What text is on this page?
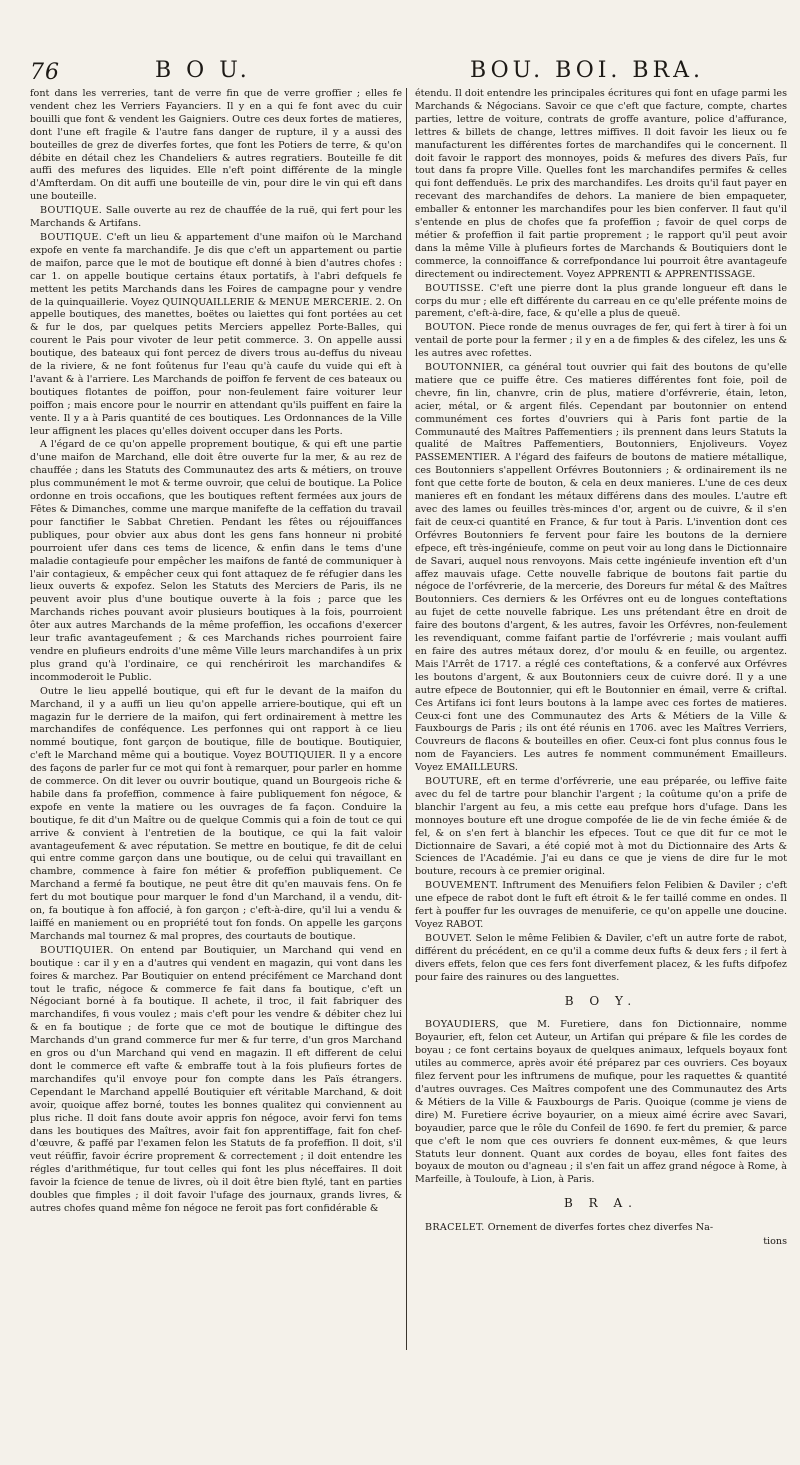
76	B O U.	BOU. BOI. BRA.

font dans les verreries, tant de verre fin que de verre groffier ; elles fe vendent chez les Verriers Fayanciers. Il y en a qui fe font avec du cuir bouilli que font & vendent les Gaigniers. Outre ces deux fortes de matieres, dont l'une eft fragile & l'autre fans danger de rupture, il y a aussi des bouteilles de grez de diverfes fortes, que font les Potiers de terre, & qu'on débite en détail chez les Chandeliers & autres regratiers. Bouteille fe dit auffi des mefures des liquides. Elle n'eft point différente de la mingle d'Amfterdam. On dit auffi une bouteille de vin, pour dire le vin qui eft dans une bouteille.

BOUTIQUE. Salle ouverte au rez de chauffée de la ruë, qui fert pour les Marchands & Artifans.

BOUTIQUE. C'eft un lieu & appartement d'une maifon où le Marchand expofe en vente fa marchandife. Je dis que c'eft un appartement ou partie de maifon, parce que le mot de boutique eft donné à bien d'autres chofes : car 1. on appelle boutique certains étaux portatifs, à l'abri defquels fe mettent les petits Marchands dans les Foires de campagne pour y vendre de la quinquaillerie. Voyez QUINQUAILLERIE & MENUE MERCERIE. 2. On appelle boutiques, des manettes, boëtes ou laiettes qui font portées au cet & fur le dos, par quelques petits Merciers appellez Porte-Balles, qui courent le Pais pour vivoter de leur petit commerce. 3. On appelle aussi boutique, des bateaux qui font percez de divers trous au-deffus du niveau de la riviere, & ne font foûtenus fur l'eau qu'à caufe du vuide qui eft à l'avant & à l'arriere. Les Marchands de poiffon fe fervent de ces bateaux ou boutiques flotantes de poiffon, pour non-feulement faire voiturer leur poiffon ; mais encore pour le nourrir en attendant qu'ils puiffent en faire la vente. Il y a à Paris quantité de ces boutiques. Les Ordonnances de la Ville leur affignent les places qu'elles doivent occuper dans les Ports.

A l'égard de ce qu'on appelle proprement boutique, & qui eft une partie d'une maifon de Marchand, elle doit être ouverte fur la mer, & au rez de chauffée ; dans les Statuts des Communautez des arts & métiers, on trouve plus communément le mot & terme ouvroir, que celui de boutique. La Police ordonne en trois occafions, que les boutiques reftent fermées aux jours de Fêtes & Dimanches, comme une marque manifefte de la ceffation du travail pour fanctifier le Sabbat Chretien. Pendant les fêtes ou réjouiffances publiques, pour obvier aux abus dont les gens fans honneur ni probité pourroient ufer dans ces tems de licence, & enfin dans le tems d'une maladie contagieufe pour empêcher les maifons de fanté de communiquer à l'air contagieux, & empêcher ceux qui font attaquez de fe réfugier dans les lieux ouverts & expofez. Selon les Statuts des Merciers de Paris, ils ne peuvent avoir plus d'une boutique ouverte à la fois ; parce que les Marchands riches pouvant avoir plusieurs boutiques à la fois, pourroient ôter aux autres Marchands de la même profeffion, les occafions d'exercer leur trafic avantageufement ; & ces Marchands riches pourroient faire vendre en plufieurs endroits d'une même Ville leurs marchandifes à un prix plus grand qu'à l'ordinaire, ce qui renchériroit les marchandifes & incommoderoit le Public.

Outre le lieu appellé boutique, qui eft fur le devant de la maifon du Marchand, il y a auffi un lieu qu'on appelle arriere-boutique, qui eft un magazin fur le derriere de la maifon, qui fert ordinairement à mettre les marchandifes de conféquence. Les perfonnes qui ont rapport à ce lieu nommé boutique, font garçon de boutique, fille de boutique. Boutiquier, c'eft le Marchand même qui a boutique. Voyez BOUTIQUIER. Il y a encore des façons de parler fur ce mot qui font à remarquer, pour parler en homme de commerce. On dit lever ou ouvrir boutique, quand un Bourgeois riche & habile dans fa profeffion, commence à faire publiquement fon négoce, & expofe en vente la matiere ou les ouvrages de fa façon. Conduire la boutique, fe dit d'un Maître ou de quelque Commis qui a foin de tout ce qui arrive & convient à l'entretien de la boutique, ce qui la fait valoir avantageufement & avec réputation. Se mettre en boutique, fe dit de celui qui entre comme garçon dans une boutique, ou de celui qui travaillant en chambre, commence à faire fon métier & profeffion publiquement. Ce Marchand a fermé fa boutique, ne peut être dit qu'en mauvais fens. On fe fert du mot boutique pour marquer le fond d'un Marchand, il a vendu, dit-on, fa boutique à fon affocié, à fon garçon ; c'eft-à-dire, qu'il lui a vendu & laiffé en maniement ou en propriété tout fon fonds. On appelle les garçons Marchands mal tournez & mal propres, des courtauts de boutique.

BOUTIQUIER. On entend par Boutiquier, un Marchand qui vend en boutique : car il y en a d'autres qui vendent en magazin, qui vont dans les foires & marchez. Par Boutiquier on entend précifément ce Marchand dont tout le trafic, négoce & commerce fe fait dans fa boutique, c'eft un Négociant borné à fa boutique. Il achete, il troc, il fait fabriquer des marchandifes, fi vous voulez ; mais c'eft pour les vendre & débiter chez lui & en fa boutique ; de forte que ce mot de boutique le diftingue des Marchands d'un grand commerce fur mer & fur terre, d'un gros Marchand en gros ou d'un Marchand qui vend en magazin. Il eft different de celui dont le commerce eft vafte & embraffe tout à la fois plufieurs fortes de marchandifes qu'il envoye pour fon compte dans les Païs étrangers. Cependant le Marchand appellé Boutiquier eft véritable Marchand, & doit avoir, quoique affez borné, toutes les bonnes qualitez qui conviennent au plus riche. Il doit fans doute avoir appris fon négoce, avoir fervi fon tems dans les boutiques des Maîtres, avoir fait fon apprentiffage, fait fon chef-d'œuvre, & paffé par l'examen felon les Statuts de fa profeffion. Il doit, s'il veut réüffir, favoir écrire proprement & correctement ; il doit entendre les régles d'arithmétique, fur tout celles qui font les plus néceffaires. Il doit favoir la fcience de tenue de livres, où il doit être bien ftylé, tant en parties doubles que fimples ; il doit favoir l'ufage des journaux, grands livres, & autres chofes quand même fon négoce ne feroit pas fort confidérable &

étendu. Il doit entendre les principales écritures qui font en ufage parmi les Marchands & Négocians. Savoir ce que c'eft que facture, compte, chartes parties, lettre de voiture, contrats de groffe avanture, police d'affurance, lettres & billets de change, lettres miffives. Il doit favoir les lieux ou fe manufacturent les différentes fortes de marchandifes qui le concernent. Il doit favoir le rapport des monnoyes, poids & mefures des divers Païs, fur tout dans fa propre Ville. Quelles font les marchandifes permifes & celles qui font deffenduës. Le prix des marchandifes. Les droits qu'il faut payer en recevant des marchandifes de dehors. La maniere de bien empaqueter, emballer & entonner les marchandifes pour les bien conferver. Il faut qu'il s'entende en plus de chofes que fa profeffion ; favoir de quel corps de métier & profeffion il fait partie proprement ; le rapport qu'il peut avoir dans la même Ville à plufieurs fortes de Marchands & Boutiquiers dont le commerce, la connoiffance & correfpondance lui pourroit être avantageufe directement ou indirectement. Voyez APPRENTI & APPRENTISSAGE.

BOUTISSE. C'eft une pierre dont la plus grande longueur eft dans le corps du mur ; elle eft différente du carreau en ce qu'elle préfente moins de parement, c'eft-à-dire, face, & qu'elle a plus de queuë.

BOUTON. Piece ronde de menus ouvrages de fer, qui fert à tirer à foi un ventail de porte pour la fermer ; il y en a de fimples & des cifelez, les uns & les autres avec rofettes.

BOUTONNIER, ca général tout ouvrier qui fait des boutons de qu'elle matiere que ce puiffe être. Ces matieres différentes font foie, poil de chevre, fin lin, chanvre, crin de plus, matiere d'orfévrerie, étain, leton, acier, métal, or & argent filés. Cependant par boutonnier on entend communément ces fortes d'ouvriers qui à Paris font partie de la Communauté des Maîtres Paffementiers ; ils prennent dans leurs Statuts la qualité de Maîtres Paffementiers, Boutonniers, Enjoliveurs. Voyez PASSEMENTIER. A l'égard des faifeurs de boutons de matiere métallique, ces Boutonniers s'appellent Orfévres Boutonniers ; & ordinairement ils ne font que cette forte de bouton, & cela en deux manieres. L'une de ces deux manieres eft en fondant les métaux différens dans des moules. L'autre eft avec des lames ou feuilles très-minces d'or, argent ou de cuivre, & il s'en fait de ceux-ci quantité en France, & fur tout à Paris. L'invention dont ces Orfévres Boutonniers fe fervent pour faire les boutons de la derniere efpece, eft très-ingénieufe, comme on peut voir au long dans le Dictionnaire de Savari, auquel nous renvoyons. Mais cette ingénieufe invention eft d'un affez mauvais ufage. Cette nouvelle fabrique de boutons fait partie du négoce de l'orfévrerie, de la mercerie, des Doreurs fur métal & des Maîtres Boutonniers. Ces derniers & les Orfévres ont eu de longues conteftations au fujet de cette nouvelle fabrique. Les uns prétendant être en droit de faire des boutons d'argent, & les autres, favoir les Orfévres, non-feulement les revendiquant, comme faifant partie de l'orfévrerie ; mais voulant auffi en faire des autres métaux dorez, d'or moulu & en feuille, ou argentez. Mais l'Arrêt de 1717. a réglé ces conteftations, & a confervé aux Orfévres les boutons d'argent, & aux Boutonniers ceux de cuivre doré. Il y a une autre efpece de Boutonnier, qui eft le Boutonnier en émail, verre & criftal. Ces Artifans ici font leurs boutons à la lampe avec ces fortes de matieres. Ceux-ci font une des Communautez des Arts & Métiers de la Ville & Fauxbourgs de Paris ; ils ont été réunis en 1706. avec les Maîtres Verriers, Couvreurs de flacons & bouteilles en ofier. Ceux-ci font plus connus fous le nom de Fayanciers. Les autres fe nomment communément Emailleurs. Voyez EMAILLEURS.

BOUTURE, eft en terme d'orfévrerie, une eau préparée, ou leffive faite avec du fel de tartre pour blanchir l'argent ; la coûtume qu'on a prife de blanchir l'argent au feu, a mis cette eau prefque hors d'ufage. Dans les monnoyes bouture eft une drogue compofée de lie de vin feche émiée & de fel, & on s'en fert à blanchir les efpeces. Tout ce que dit fur ce mot le Dictionnaire de Savari, a été copié mot à mot du Dictionnaire des Arts & Sciences de l'Académie. J'ai eu dans ce que je viens de dire fur le mot bouture, recours à ce premier original.

BOUVEMENT. Inftrument des Menuifiers felon Felibien & Daviler ; c'eft une efpece de rabot dont le fuft eft étroit & le fer taillé comme en ondes. Il fert à pouffer fur les ouvrages de menuiferie, ce qu'on appelle une doucine. Voyez RABOT.

BOUVET. Selon le même Felibien & Daviler, c'eft un autre forte de rabot, différent du précédent, en ce qu'il a comme deux fufts & deux fers ; il fert à divers effets, felon que ces fers font diverfement placez, & les fufts difpofez pour faire des rainures ou des languettes.

B O Y.

BOYAUDIERS, que M. Furetiere, dans fon Dictionnaire, nomme Boyaurier, eft, felon cet Auteur, un Artifan qui prépare & file les cordes de boyau ; ce font certains boyaux de quelques animaux, lefquels boyaux font utiles au commerce, après avoir été préparez par ces ouvriers. Ces boyaux filez fervent pour les inftrumens de mufique, pour les raquettes & quantité d'autres ouvrages. Ces Maîtres compofent une des Communautez des Arts & Métiers de la Ville & Fauxbourgs de Paris. Quoique (comme je viens de dire) M. Furetiere écrive boyaurier, on a mieux aimé écrire avec Savari, boyaudier, parce que le rôle du Confeil de 1690. fe fert du premier, & parce que c'eft le nom que ces ouvriers fe donnent eux-mêmes, & que leurs Statuts leur donnent. Quant aux cordes de boyau, elles font faites des boyaux de mouton ou d'agneau ; il s'en fait un affez grand négoce à Rome, à Marfeille, à Touloufe, à Lion, à Paris.

B R A.

BRACELET. Ornement de diverfes fortes chez diverfes Na-

tions
